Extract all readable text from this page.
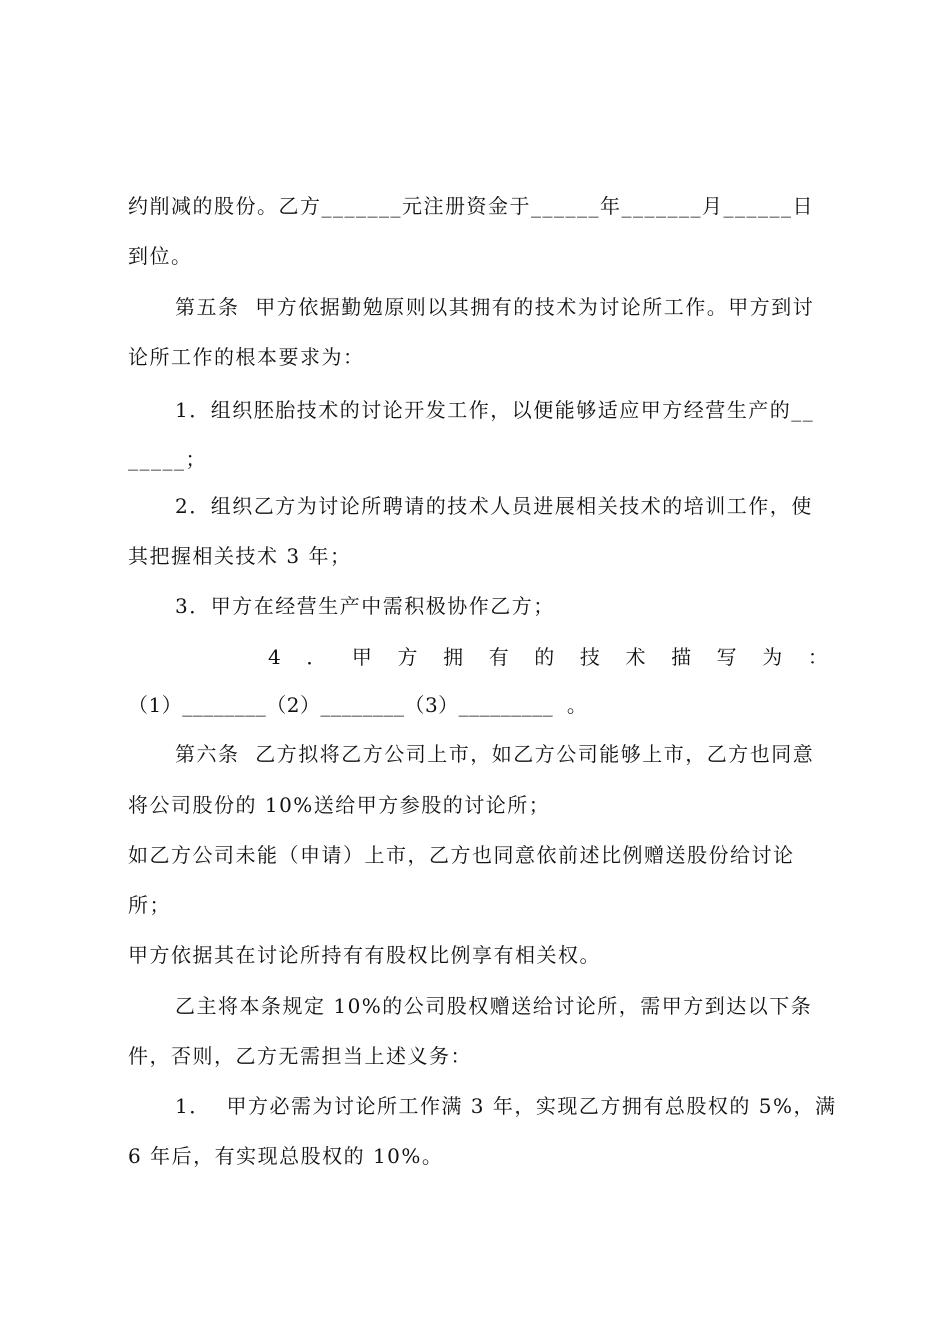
约削减的股份。乙方_______元注册资金于______年_______月______日
到位。
第五条  甲方依据勤勉原则以其拥有的技术为讨论所工作。甲方到讨
论所工作的根本要求为：
1．组织胚胎技术的讨论开发工作，以便能够适应甲方经营生产的__
_____；
2．组织乙方为讨论所聘请的技术人员进展相关技术的培训工作，使
其把握相关技术 3 年；
3．甲方在经营生产中需积极协作乙方；
4 ． 甲 方 拥 有 的 技 术 描 写 为 ：
（1）________（2）________（3）_________  。
第六条  乙方拟将乙方公司上市，如乙方公司能够上市，乙方也同意
将公司股份的 10%送给甲方参股的讨论所；
如乙方公司未能（申请）上市，乙方也同意依前述比例赠送股份给讨论
所；
甲方依据其在讨论所持有有股权比例享有相关权。
乙主将本条规定 10%的公司股权赠送给讨论所，需甲方到达以下条
件，否则，乙方无需担当上述义务：
1．  甲方必需为讨论所工作满 3 年，实现乙方拥有总股权的 5%，满
6 年后，有实现总股权的 10%。
